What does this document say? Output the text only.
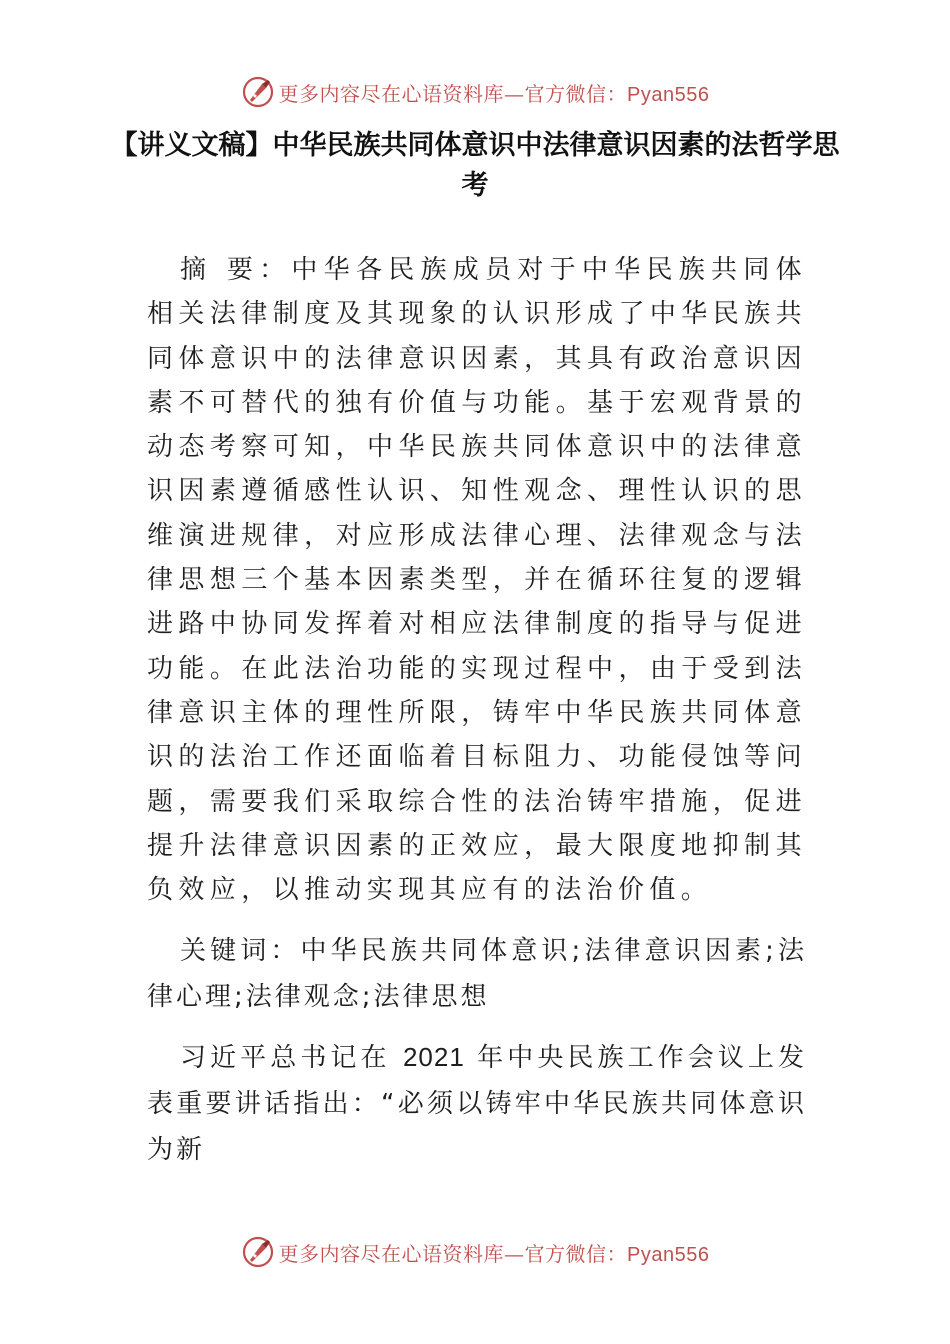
更多内容尽在心语资料库—官方微信：Pyan556
【讲义文稿】中华民族共同体意识中法律意识因素的法哲学思考

摘 要：中华各民族成员对于中华民族共同体相关法律制度及其现象的认识形成了中华民族共同体意识中的法律意识因素，其具有政治意识因素不可替代的独有价值与功能。基于宏观背景的动态考察可知，中华民族共同体意识中的法律意识因素遵循感性认识、知性观念、理性认识的思维演进规律，对应形成法律心理、法律观念与法律思想三个基本因素类型，并在循环往复的逻辑进路中协同发挥着对相应法律制度的指导与促进功能。在此法治功能的实现过程中，由于受到法律意识主体的理性所限，铸牢中华民族共同体意识的法治工作还面临着目标阻力、功能侵蚀等问题，需要我们采取综合性的法治铸牢措施，促进提升法律意识因素的正效应，最大限度地抑制其负效应，以推动实现其应有的法治价值。

关键词：中华民族共同体意识;法律意识因素;法律心理;法律观念;法律思想

习近平总书记在 2021 年中央民族工作会议上发表重要讲话指出：“必须以铸牢中华民族共同体意识为新

更多内容尽在心语资料库—官方微信：Pyan556
